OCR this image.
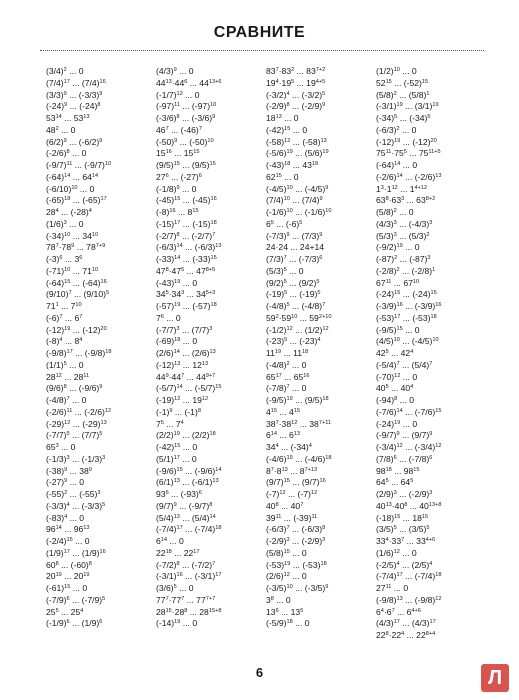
СРАВНИТЕ
$(3/4)^2$ ... 0
$(7/4)^{17}$ ... $(7/4)^{16}$
$(3/3)^9$ ... $(-3/3)^9$
$(-24)^9$ ... $(-24)^8$
$53^{14}$ ... $53^{13}$
$48^2$ ... 0
$(6/2)^9$ ... $(-6/2)^9$
$(-2/6)^8$ ... 0
$(-9/7)^{11}$ ... $(-9/7)^{10}$
$(-64)^{14}$ ... $64^{14}$
$(-6/10)^{10}$ ... 0
$(-65)^{18}$ ... $(-65)^{17}$
$28^4$ ... $(-28)^4$
$(1/6)^3$ ... 0
$(-34)^{10}$ ... $34^{10}$
$78^7\cdot 78^9$ ... $78^{7+9}$
$(-3)^6$ ... $3^6$
$(-71)^{10}$ ... $71^{10}$
$(-64)^{15}$ ... $(-64)^{16}$
$(9/10)^7$ ... $(9/10)^5$
$71^1$ ... $7^{10}$
$(-6)^7$ ... $6^7$
$(-12)^{19}$ ... $(-12)^{20}$
$(-8)^4$ ... $8^4$
$(-9/8)^{17}$ ... $(-9/8)^{18}$
$(1/1)^5$ ... 0
$28^{12}$ ... $28^{11}$
$(9/6)^8$ ... $(-9/6)^9$
$(-4/8)^7$ ... 0
$(-2/6)^{11}$ ... $(-2/6)^{12}$
$(-29)^{12}$ ... $(-29)^{13}$
$(-7/7)^5$ ... $(7/7)^5$
$65^3$ ... 0
$(-1/3)^3$ ... $(-1/3)^3$
$(-38)^9$ ... $38^9$
$(-27)^9$ ... 0
$(-55)^2$ ... $(-55)^3$
$(-3/3)^4$ ... $(-3/3)^5$
$(-83)^4$ ... 0
$96^{14}$ ... $96^{13}$
$(-2/4)^{15}$ ... 0
$(1/9)^{17}$ ... $(1/9)^{16}$
$60^8$ ... $(-60)^8$
$20^{19}$ ... $20^{19}$
$(-61)^{15}$ ... 0
$(-7/9)^6$ ... $(-7/9)^5$
$25^5$ ... $25^4$
$(-1/9)^6$ ... $(1/9)^6$
$(4/3)^9$ ... 0
$44^{13}\cdot 44^6$ ... $44^{13+6}$
$(-1/7)^{12}$ ... 0
$(-97)^{11}$ ... $(-97)^{10}$
$(-3/6)^8$ ... $(-3/6)^9$
$46^7$ ... $(-46)^7$
$(-50)^9$ ... $(-50)^{10}$
$15^{16}$ ... $15^{15}$
$(9/5)^{15}$ ... $(9/5)^{15}$
$27^6$ ... $(-27)^6$
$(-1/8)^9$ ... 0
$(-45)^{15}$ ... $(-45)^{16}$
$(-8)^{16}$ ... $8^{15}$
$(-15)^{17}$ ... $(-15)^{18}$
$(-2/7)^8$ ... $(-2/7)^7$
$(-6/3)^{14}$ ... $(-6/3)^{13}$
$(-33)^{14}$ ... $(-33)^{15}$
$47^8\cdot 47^5$ ... $47^{8+5}$
$(-43)^{19}$ ... 0
$34^5\cdot 34^3$ ... $34^{5+3}$
$(-57)^{19}$ ... $(-57)^{18}$
$7^6$ ... 0
$(-7/7)^3$ ... $(7/7)^3$
$(-69)^{18}$ ... 0
$(2/6)^{14}$ ... $(2/6)^{13}$
$(-12)^{13}$ ... $12^{13}$
$44^9\cdot 44^7$ ... $44^{9+7}$
$(-5/7)^{14}$ ... $(-5/7)^{15}$
$(-19)^{12}$ ... $19^{12}$
$(-1)^9$ ... $(-1)^8$
$7^5$ ... $7^4$
$(2/2)^{19}$ ... $(2/2)^{18}$
$(-42)^{15}$ ... 0
$(5/1)^{17}$ ... 0
$(-9/6)^{15}$ ... $(-9/6)^{14}$
$(6/1)^{13}$ ... $(-6/1)^{13}$
$93^6$ ... $(-93)^6$
$(9/7)^9$ ... $(-9/7)^8$
$(5/4)^{13}$ ... $(5/4)^{14}$
$(-7/4)^{17}$ ... $(-7/4)^{18}$
$6^{14}$ ... 0
$22^{18}$ ... $22^{17}$
$(-7/2)^8$ ... $(-7/2)^7$
$(-3/1)^{16}$ ... $(-3/1)^{17}$
$(3/6)^5$ ... 0
$77^7\cdot 77^7$ ... $77^{7+7}$
$28^{15}\cdot 28^8$ ... $28^{15+8}$
$(-14)^{19}$ ... 0
$83^7\cdot 83^2$ ... $83^{7+2}$
$19^4\cdot 19^5$ ... $19^{4+5}$
$(-3/2)^4$ ... $(-3/2)^5$
$(-2/9)^8$ ... $(-2/9)^9$
$18^{13}$ ... 0
$(-42)^{15}$ ... 0
$(-58)^{12}$ ... $(-58)^{13}$
$(-5/6)^{19}$ ... $(5/6)^{19}$
$(-43)^{18}$ ... $43^{18}$
$62^{15}$ ... 0
$(-4/5)^{10}$ ... $(-4/5)^9$
$(7/4)^{10}$ ... $(7/4)^9$
$(-1/6)^{10}$ ... $(-1/6)^{10}$
$6^5$ ... $(-6)^5$
$(-7/3)^9$ ... $(7/3)^9$
24·24 ... 24+14
$(7/3)^7$ ... $(-7/3)^6$
$(5/3)^5$ ... 0
$(9/2)^5$ ... $(9/2)^5$
$(-19)^5$ ... $(-19)^5$
$(-4/8)^5$ ... $(-4/8)^7$
$59^2\cdot 59^{10}$ ... $59^{2+10}$
$(-1/2)^{12}$ ... $(1/2)^{12}$
$(-23)^5$ ... $(-23)^4$
$11^{19}$ ... $11^{18}$
$(-4/8)^2$ ... 0
$65^{17}$ ... $65^{16}$
$(-7/8)^7$ ... 0
$(-9/5)^{19}$ ... $(9/5)^{18}$
$4^{15}$ ... $4^{15}$
$38^7\cdot 38^{12}$ ... $38^{7+11}$
$6^{14}$ ... $6^{13}$
$34^4$ ... $(-34)^4$
$(-4/6)^{19}$ ... $(-4/6)^{18}$
$8^7\cdot 8^{13}$ ... $8^{7+13}$
$(9/7)^{15}$ ... $(9/7)^{16}$
$(-7)^{12}$ ... $(-7)^{12}$
$40^8$ ... $40^7$
$39^{11}$ ... $(-39)^{11}$
$(-6/3)^7$ ... $(-6/3)^8$
$(-2/9)^3$ ... $(-2/9)^3$
$(5/8)^{15}$ ... 0
$(-53)^{19}$ ... $(-53)^{18}$
$(2/6)^{12}$ ... 0
$(-3/5)^{10}$ ... $(-3/5)^9$
$3^8$ ... 0
$13^6$ ... $13^5$
$(-5/9)^{18}$ ... 0
$(1/2)^{10}$ ... 0
$52^{15}$ ... $(-52)^{15}$
$(5/8)^2$ ... $(5/8)^1$
$(-3/1)^{19}$ ... $(3/1)^{19}$
$(-34)^5$ ... $(-34)^5$
$(-6/3)^2$ ... 0
$(-12)^{19}$ ... $(-12)^{20}$
$75^{11}\cdot 75^5$ ... $75^{11+5}$
$(-64)^{14}$ ... 0
$(-2/6)^{14}$ ... $(-2/6)^{13}$
$1^3\cdot 1^{12}$ ... $1^{4+12}$
$63^8\cdot 63^3$ ... $63^{8+2}$
$(5/8)^2$ ... 0
$(4/3)^3$ ... $(-4/3)^3$
$(5/3)^3$ ... $(5/3)^2$
$(-9/2)^{19}$ ... 0
$(-87)^2$ ... $(-87)^3$
$(-2/8)^2$ ... $(-2/8)^1$
$67^{11}$ ... $67^{10}$
$(-24)^{15}$ ... $(-24)^{15}$
$(-3/9)^{16}$ ... $(-3/9)^{16}$
$(-53)^{17}$ ... $(-53)^{18}$
$(-9/5)^{15}$ ... 0
$(4/5)^{10}$ ... $(-4/5)^{10}$
$42^5$ ... $42^4$
$(-5/4)^7$ ... $(5/4)^7$
$(-70)^{12}$ ... 0
$40^5$ ... $40^4$
$(-94)^8$ ... 0
$(-7/6)^{14}$ ... $(-7/6)^{15}$
$(-24)^{19}$ ... 0
$(-9/7)^9$ ... $(9/7)^9$
$(-3/4)^{12}$ ... $(-3/4)^{12}$
$(7/8)^6$ ... $(-7/8)^6$
$98^{18}$ ... $98^{15}$
$64^5$ ... $64^5$
$(2/9)^3$ ... $(-2/9)^3$
$40^{13}\cdot 40^8$ ... $40^{13+8}$
$(-18)^{15}$ ... $18^{15}$
$(3/5)^5$ ... $(3/5)^5$
$33^4\cdot 33^7$ ... $33^{4+6}$
$(1/6)^{12}$ ... 0
$(-2/5)^4$ ... $(2/5)^4$
$(-7/4)^{17}$ ... $(-7/4)^{18}$
$27^{11}$ ... 0
$(-9/8)^{13}$ ... $(-9/8)^{12}$
$6^4\cdot 6^7$ ... $6^{4+6}$
$(4/3)^{17}$ ... $(4/3)^{17}$
$22^8\cdot 22^4$ ... $22^{8+4}$
6	Л
